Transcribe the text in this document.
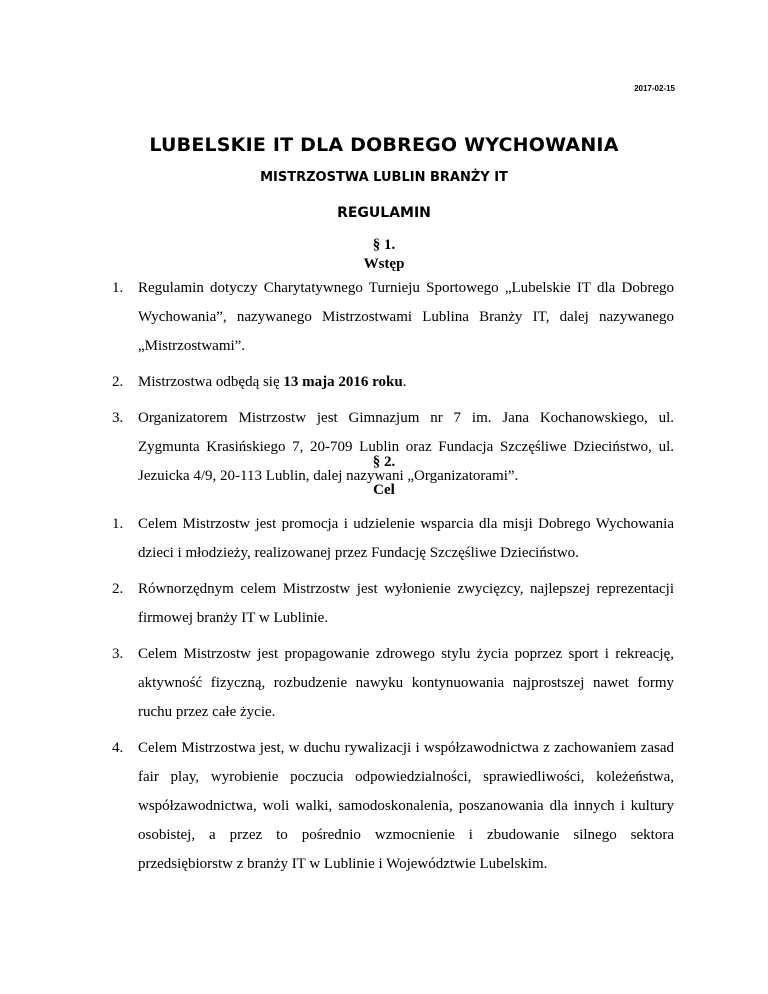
2017-02-15
LUBELSKIE IT DLA DOBREGO WYCHOWANIA
MISTRZOSTWA LUBLIN BRANŻY IT
REGULAMIN
§ 1.
Wstęp
1. Regulamin dotyczy Charytatywnego Turnieju Sportowego „Lubelskie IT dla Dobrego Wychowania”, nazywanego Mistrzostwami Lublina Branży IT, dalej nazywanego „Mistrzostwami”.
2. Mistrzostwa odbędą się 13 maja 2016 roku.
3. Organizatorem Mistrzostw jest Gimnazjum nr 7 im. Jana Kochanowskiego, ul. Zygmunta Krasińskiego 7, 20-709 Lublin oraz Fundacja Szczęśliwe Dzieciństwo, ul. Jezuicka 4/9, 20-113 Lublin, dalej nazywani „Organizatorami”.
§ 2.
Cel
1. Celem Mistrzostw jest promocja i udzielenie wsparcia dla misji Dobrego Wychowania dzieci i młodzieży, realizowanej przez Fundację Szczęśliwe Dzieciństwo.
2. Równorzędnym celem Mistrzostw jest wyłonienie zwycięzcy, najlepszej reprezentacji firmowej branży IT w Lublinie.
3. Celem Mistrzostw jest propagowanie zdrowego stylu życia poprzez sport i rekreację, aktywność fizyczną, rozbudzenie nawyku kontynuowania najprostszej nawet formy ruchu przez całe życie.
4. Celem Mistrzostwa jest, w duchu rywalizacji i współzawodnictwa z zachowaniem zasad fair play, wyrobienie poczucia odpowiedzialności, sprawiedliwości, koleżeństwa, współzawodnictwa, woli walki, samodoskonalenia, poszanowania dla innych i kultury osobistej, a przez to pośrednio wzmocnienie i zbudowanie silnego sektora przedsiębiorstw z branży IT w Lublinie i Województwie Lubelskim.
